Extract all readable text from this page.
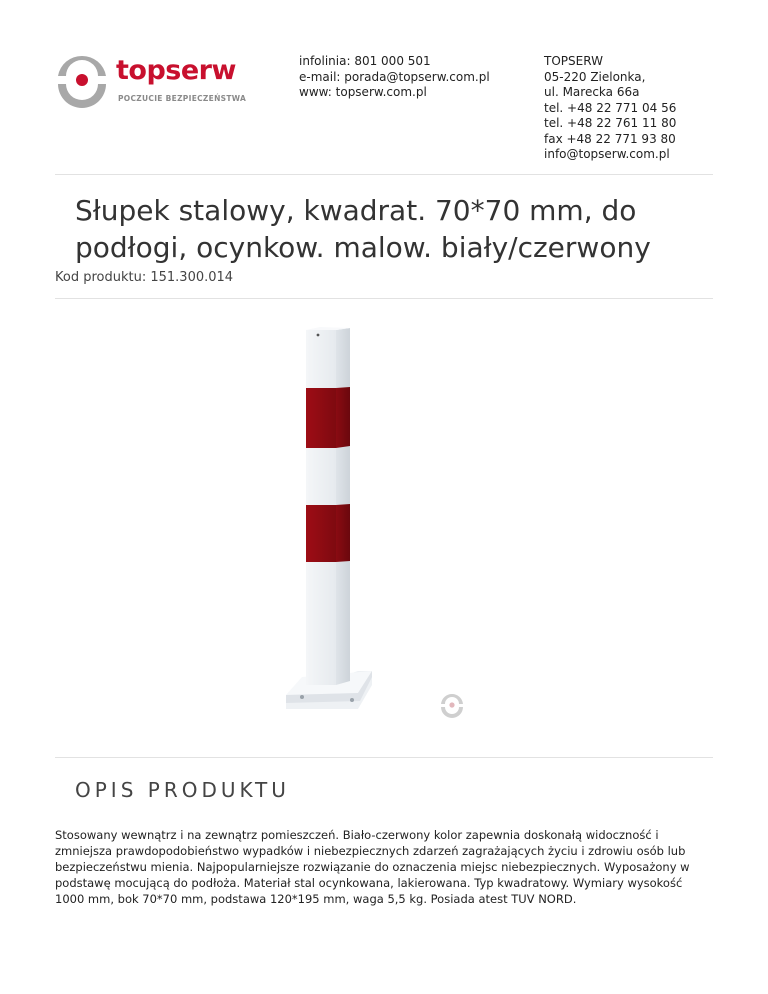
topserw
POCZUCIE BEZPIECZEŃSTWA
infolinia: 801 000 501
e-mail: porada@topserw.com.pl
www: topserw.com.pl
TOPSERW
05-220 Zielonka,
ul. Marecka 66a
tel. +48 22 771 04 56
tel. +48 22 761 11 80
fax +48 22 771 93 80
info@topserw.com.pl
Słupek stalowy, kwadrat. 70*70 mm, do podłogi, ocynkow. malow. biały/czerwony
Kod produktu: 151.300.014
OPIS PRODUKTU

Stosowany wewnątrz i na zewnątrz pomieszczeń. Biało-czerwony kolor zapewnia doskonałą widoczność i zmniejsza prawdopodobieństwo wypadków i niebezpiecznych zdarzeń zagrażających życiu i zdrowiu osób lub bezpieczeństwu mienia. Najpopularniejsze rozwiązanie do oznaczenia miejsc niebezpiecznych. Wyposażony w podstawę mocującą do podłoża. Materiał stal ocynkowana, lakierowana. Typ kwadratowy. Wymiary wysokość 1000 mm, bok 70*70 mm, podstawa 120*195 mm, waga 5,5 kg. Posiada atest TUV NORD.
